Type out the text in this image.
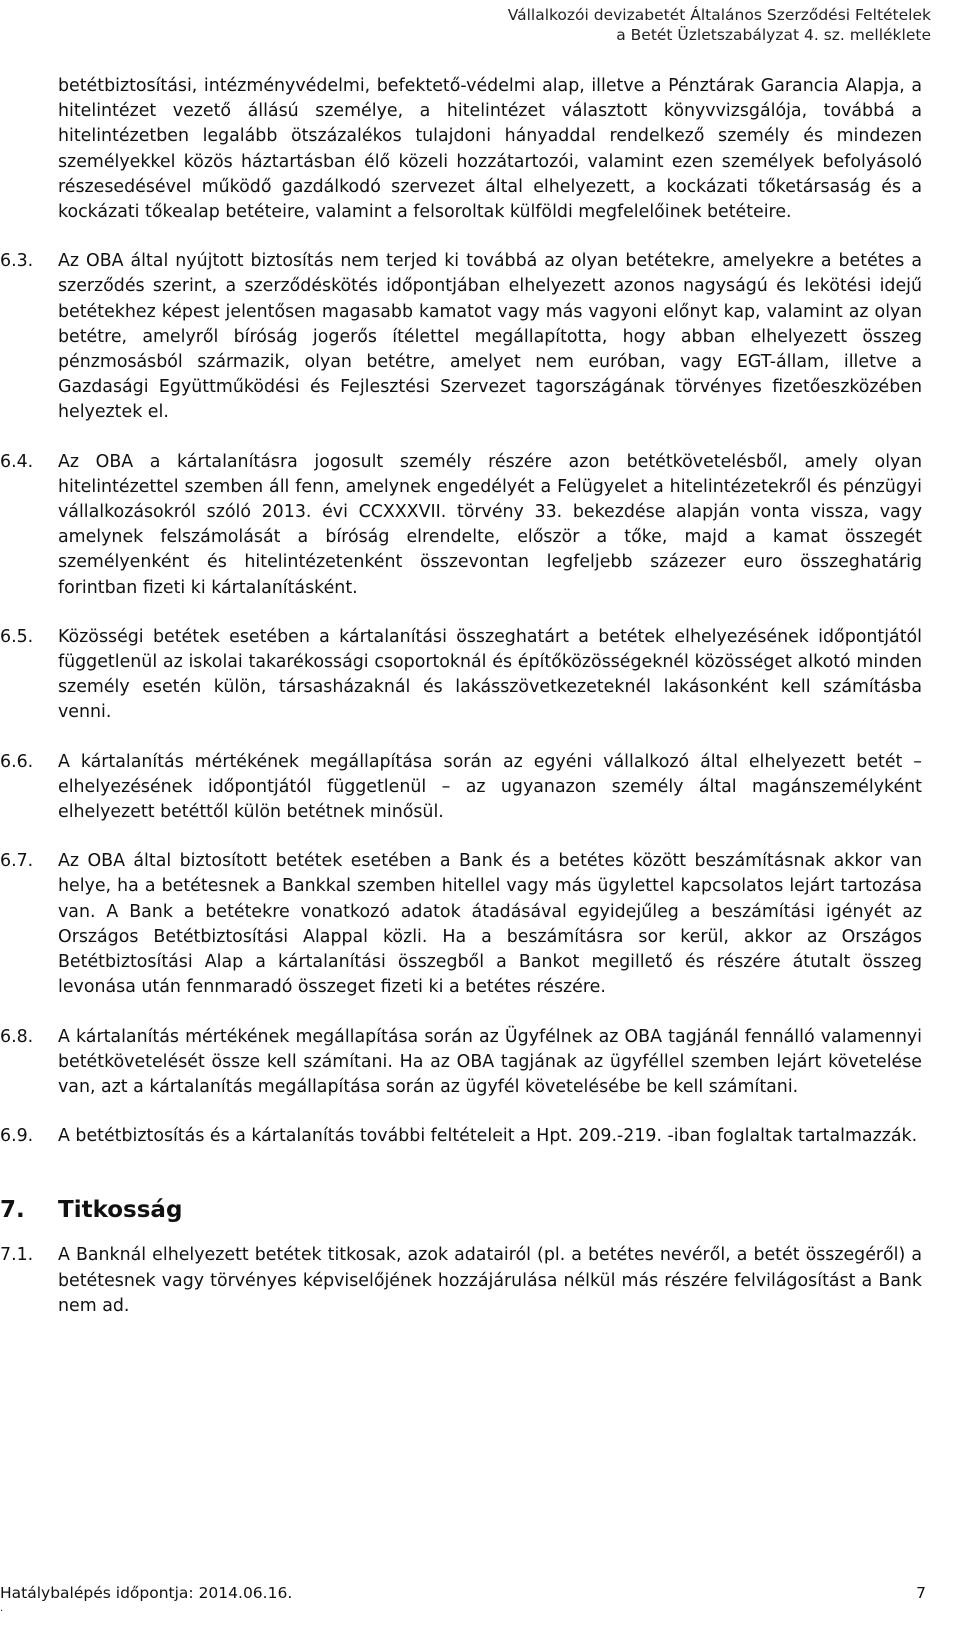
Vállalkozói devizabetét Általános Szerződési Feltételek
a Betét Üzletszabályzat 4. sz. melléklete

betétbiztosítási, intézményvédelmi, befektető-védelmi alap, illetve a Pénztárak Garancia Alapja, a hitelintézet vezető állású személye, a hitelintézet választott könyvvizsgálója, továbbá a hitelintézetben legalább ötszázalékos tulajdoni hányaddal rendelkező személy és mindezen személyekkel közös háztartásban élő közeli hozzátartozói, valamint ezen személyek befolyásoló részesedésével működő gazdálkodó szervezet által elhelyezett, a kockázati tőketársaság és a kockázati tőkealap betéteire, valamint a felsoroltak külföldi megfelelőinek betéteire.

6.3.	Az OBA által nyújtott biztosítás nem terjed ki továbbá az olyan betétekre, amelyekre a betétes a szerződés szerint, a szerződéskötés időpontjában elhelyezett azonos nagyságú és lekötési idejű betétekhez képest jelentősen magasabb kamatot vagy más vagyoni előnyt kap, valamint az olyan betétre, amelyről bíróság jogerős ítélettel megállapította, hogy abban elhelyezett összeg pénzmosásból származik, olyan betétre, amelyet nem euróban, vagy EGT-állam, illetve a Gazdasági Együttműködési és Fejlesztési Szervezet tagországának törvényes fizetőeszközében helyeztek el.
6.4.	Az OBA a kártalanításra jogosult személy részére azon betétkövetelésből, amely olyan hitelintézettel szemben áll fenn, amelynek engedélyét a Felügyelet a hitelintézetekről és pénzügyi vállalkozásokról szóló 2013. évi CCXXXVII. törvény 33. bekezdése alapján vonta vissza, vagy amelynek felszámolását a bíróság elrendelte, először a tőke, majd a kamat összegét személyenként és hitelintézetenként összevontan legfeljebb százezer euro összeghatárig forintban fizeti ki kártalanításként.
6.5.	Közösségi betétek esetében a kártalanítási összeghatárt a betétek elhelyezésének időpontjától függetlenül az iskolai takarékossági csoportoknál és építőközösségeknél közösséget alkotó minden személy esetén külön, társasházaknál és lakásszövetkezeteknél lakásonként kell számításba venni.
6.6.	A kártalanítás mértékének megállapítása során az egyéni vállalkozó által elhelyezett betét – elhelyezésének időpontjától függetlenül – az ugyanazon személy által magánszemélyként elhelyezett betéttől külön betétnek minősül.
6.7.	Az OBA által biztosított betétek esetében a Bank és a betétes között beszámításnak akkor van helye, ha a betétesnek a Bankkal szemben hitellel vagy más ügylettel kapcsolatos lejárt tartozása van. A Bank a betétekre vonatkozó adatok átadásával egyidejűleg a beszámítási igényét az Országos Betétbiztosítási Alappal közli. Ha a beszámításra sor kerül, akkor az Országos Betétbiztosítási Alap a kártalanítási összegből a Bankot megillető és részére átutalt összeg levonása után fennmaradó összeget fizeti ki a betétes részére.
6.8.	A kártalanítás mértékének megállapítása során az Ügyfélnek az OBA tagjánál fennálló valamennyi betétkövetelését össze kell számítani. Ha az OBA tagjának az ügyféllel szemben lejárt követelése van, azt a kártalanítás megállapítása során az ügyfél követelésébe be kell számítani.
6.9.	A betétbiztosítás és a kártalanítás további feltételeit a Hpt. 209.-219. -iban foglaltak tartalmazzák.
7. Titkosság
7.1.	A Banknál elhelyezett betétek titkosak, azok adatairól (pl. a betétes nevéről, a betét összegéről) a betétesnek vagy törvényes képviselőjének hozzájárulása nélkül más részére felvilágosítást a Bank nem ad.
Hatálybalépés időpontja: 2014.06.16.	7
.
